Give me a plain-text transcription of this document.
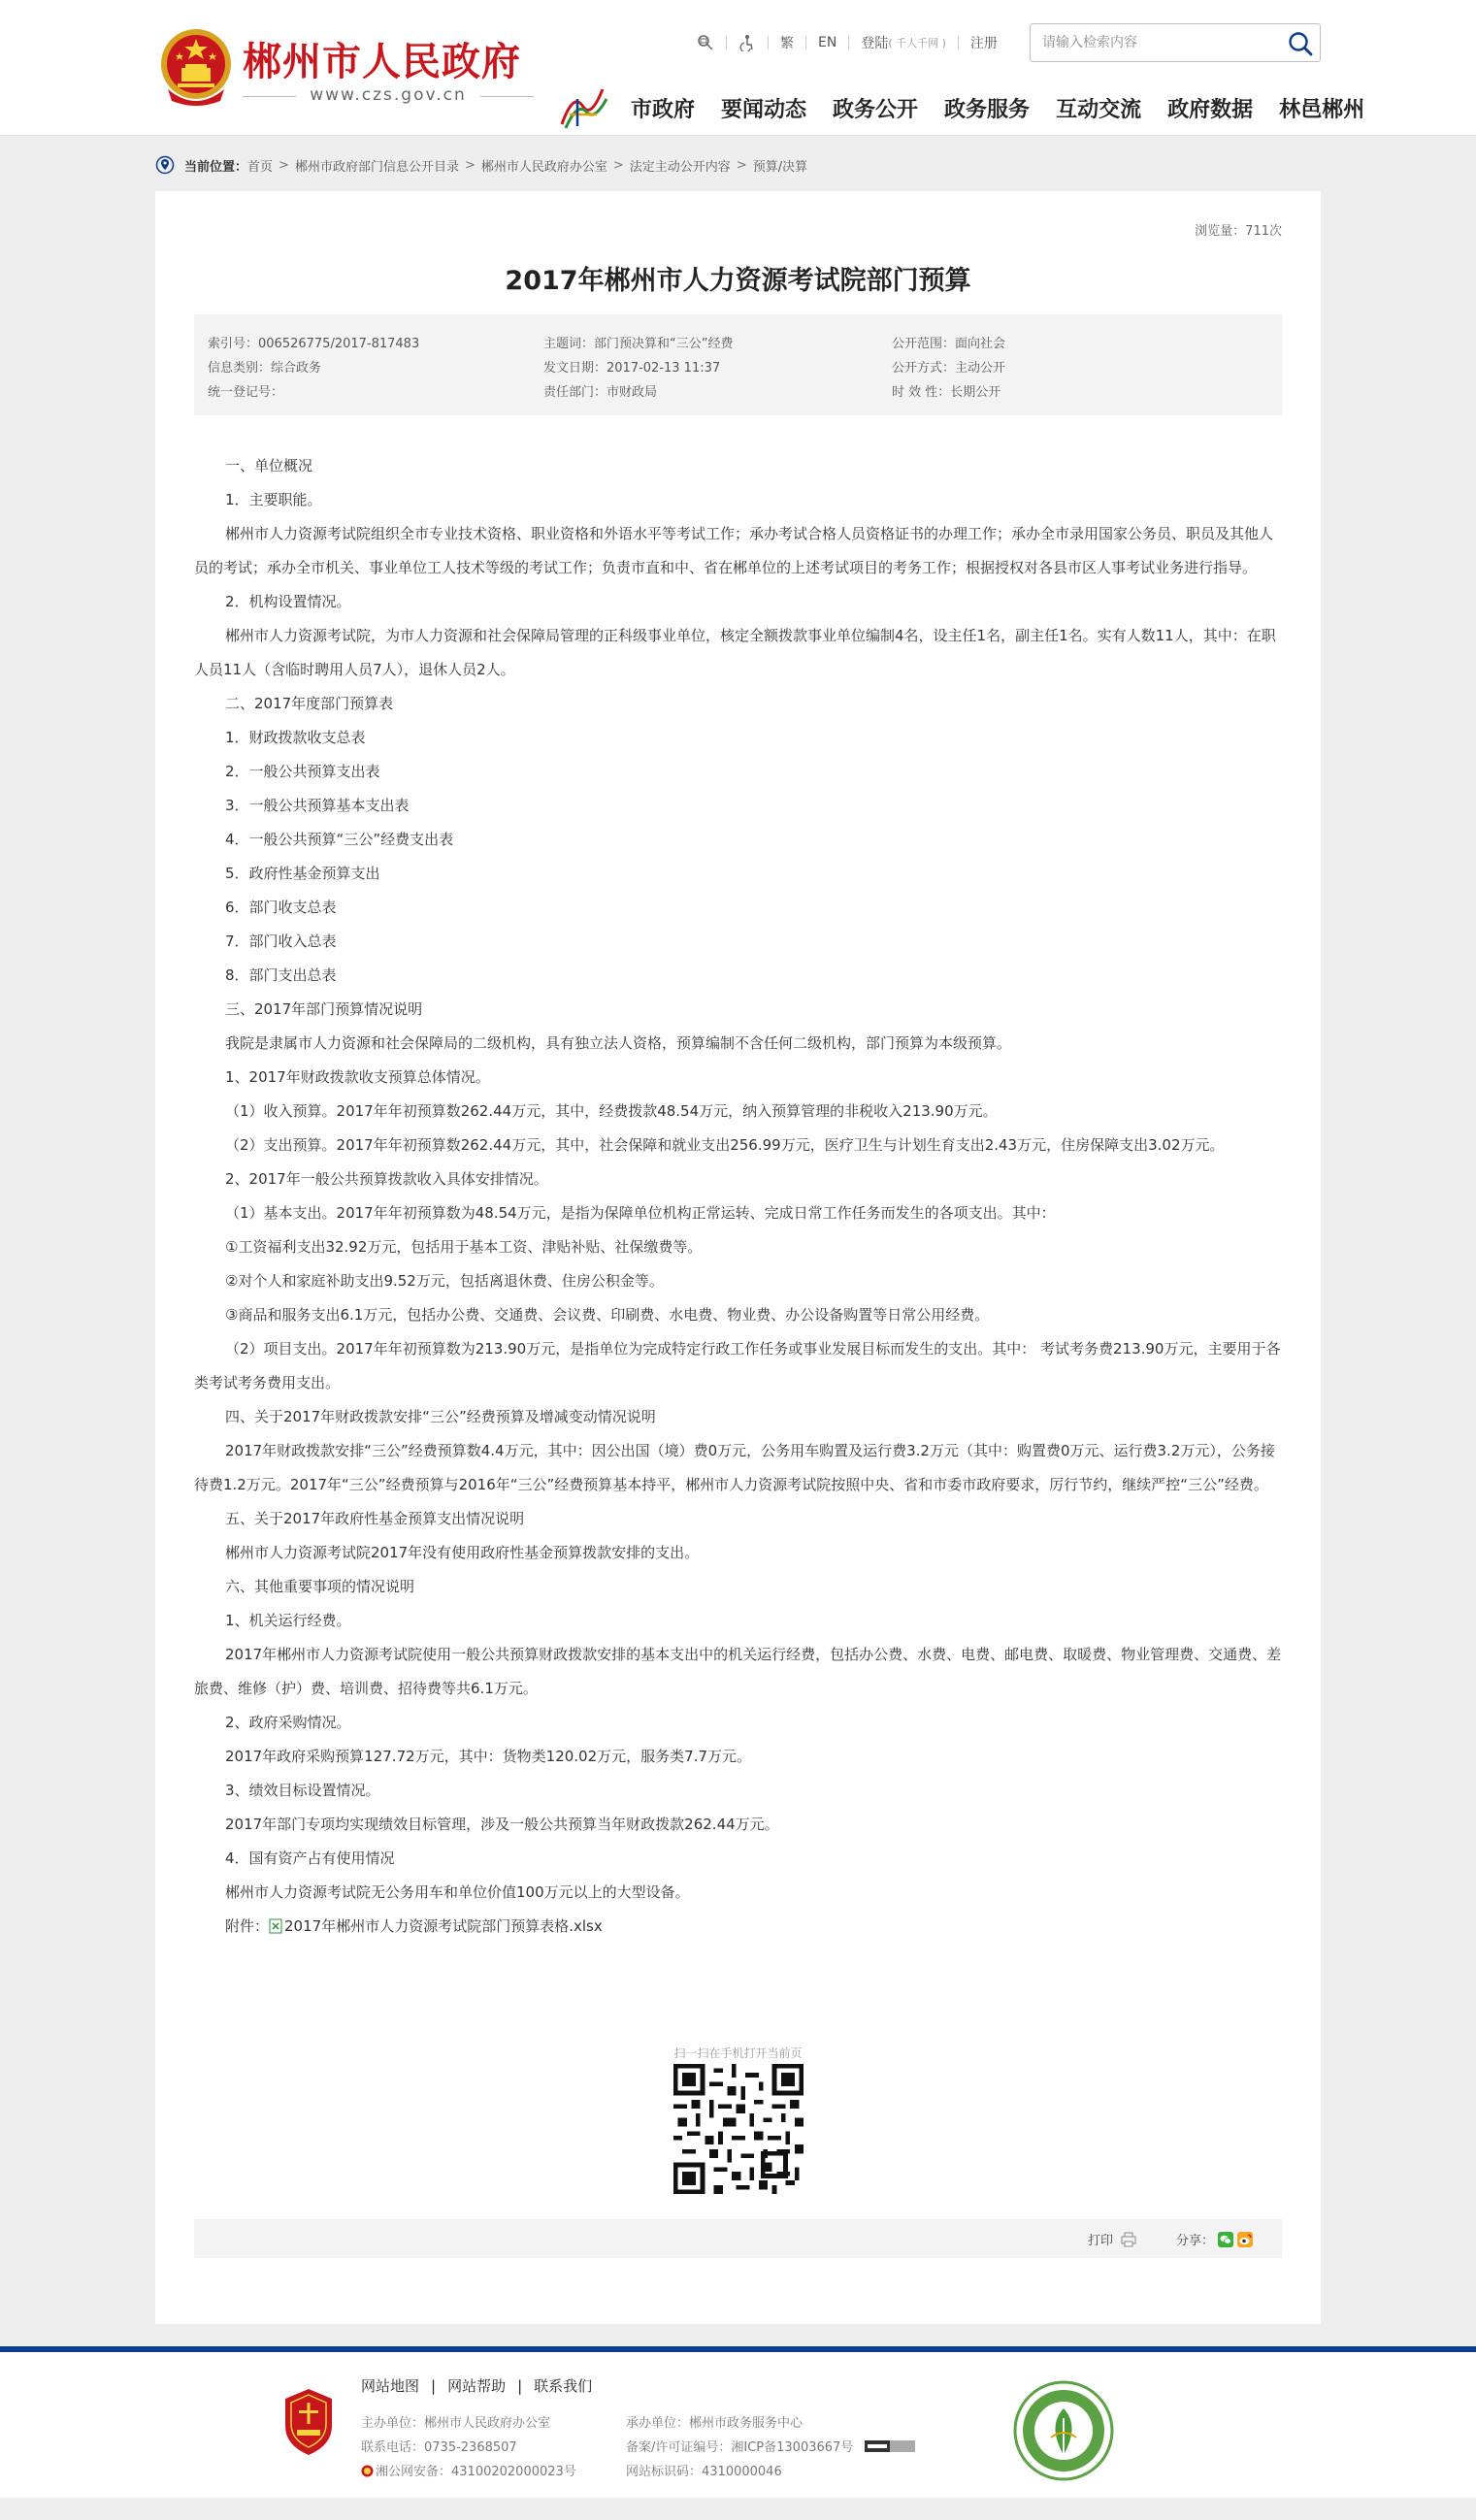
郴州市人民政府
www.czs.gov.cn
繁 EN 登陆 ( 千人千网 ) 注册
请输入检索内容
市政府 要闻动态 政务公开 政务服务 互动交流 政府数据 林邑郴州
当前位置： 首页 > 郴州市政府部门信息公开目录 > 郴州市人民政府办公室 > 法定主动公开内容 > 预算/决算
浏览量：711次
2017年郴州市人力资源考试院部门预算
索引号：006526775/2017-817483	主题词：部门预决算和“三公”经费	公开范围：面向社会
信息类别：综合政务	发文日期：2017-02-13 11:37	公开方式：主动公开
统一登记号：	责任部门：市财政局	时 效 性：长期公开

一、单位概况

1．主要职能。

郴州市人力资源考试院组织全市专业技术资格、职业资格和外语水平等考试工作；承办考试合格人员资格证书的办理工作；承办全市录用国家公务员、职员及其他人员的考试；承办全市机关、事业单位工人技术等级的考试工作；负责市直和中、省在郴单位的上述考试项目的考务工作；根据授权对各县市区人事考试业务进行指导。

2．机构设置情况。

郴州市人力资源考试院，为市人力资源和社会保障局管理的正科级事业单位，核定全额拨款事业单位编制4名，设主任1名，副主任1名。实有人数11人，其中：在职人员11人（含临时聘用人员7人），退休人员2人。

二、2017年度部门预算表

1．财政拨款收支总表

2．一般公共预算支出表

3．一般公共预算基本支出表

4．一般公共预算“三公”经费支出表

5．政府性基金预算支出

6．部门收支总表

7．部门收入总表

8．部门支出总表

三、2017年部门预算情况说明

我院是隶属市人力资源和社会保障局的二级机构，具有独立法人资格，预算编制不含任何二级机构，部门预算为本级预算。

1、2017年财政拨款收支预算总体情况。

（1）收入预算。2017年年初预算数262.44万元，其中，经费拨款48.54万元，纳入预算管理的非税收入213.90万元。

（2）支出预算。2017年年初预算数262.44万元，其中，社会保障和就业支出256.99万元，医疗卫生与计划生育支出2.43万元，住房保障支出3.02万元。

2、2017年一般公共预算拨款收入具体安排情况。

（1）基本支出。2017年年初预算数为48.54万元，是指为保障单位机构正常运转、完成日常工作任务而发生的各项支出。其中：

①工资福利支出32.92万元，包括用于基本工资、津贴补贴、社保缴费等。

②对个人和家庭补助支出9.52万元，包括离退休费、住房公积金等。

③商品和服务支出6.1万元，包括办公费、交通费、会议费、印刷费、水电费、物业费、办公设备购置等日常公用经费。

（2）项目支出。2017年年初预算数为213.90万元，是指单位为完成特定行政工作任务或事业发展目标而发生的支出。其中： 考试考务费213.90万元，主要用于各类考试考务费用支出。

四、关于2017年财政拨款安排“三公”经费预算及增减变动情况说明

2017年财政拨款安排“三公”经费预算数4.4万元，其中：因公出国（境）费0万元，公务用车购置及运行费3.2万元（其中：购置费0万元、运行费3.2万元），公务接待费1.2万元。2017年“三公”经费预算与2016年“三公”经费预算基本持平，郴州市人力资源考试院按照中央、省和市委市政府要求，厉行节约，继续严控“三公”经费。

五、关于2017年政府性基金预算支出情况说明

郴州市人力资源考试院2017年没有使用政府性基金预算拨款安排的支出。

六、其他重要事项的情况说明

1、机关运行经费。

2017年郴州市人力资源考试院使用一般公共预算财政拨款安排的基本支出中的机关运行经费，包括办公费、水费、电费、邮电费、取暖费、物业管理费、交通费、差旅费、维修（护）费、培训费、招待费等共6.1万元。

2、政府采购情况。

2017年政府采购预算127.72万元，其中：货物类120.02万元，服务类7.7万元。

3、绩效目标设置情况。

2017年部门专项均实现绩效目标管理，涉及一般公共预算当年财政拨款262.44万元。

4．国有资产占有使用情况

郴州市人力资源考试院无公务用车和单位价值100万元以上的大型设备。

附件： 2017年郴州市人力资源考试院部门预算表格.xlsx

扫一扫在手机打开当前页
打印	分享：
网站地图 | 网站帮助 | 联系我们
主办单位：郴州市人民政府办公室	承办单位：郴州市政务服务中心
联系电话：0735-2368507	备案/许可证编号：湘ICP备13003667号
湘公网安备：43100202000023号	网站标识码：4310000046
